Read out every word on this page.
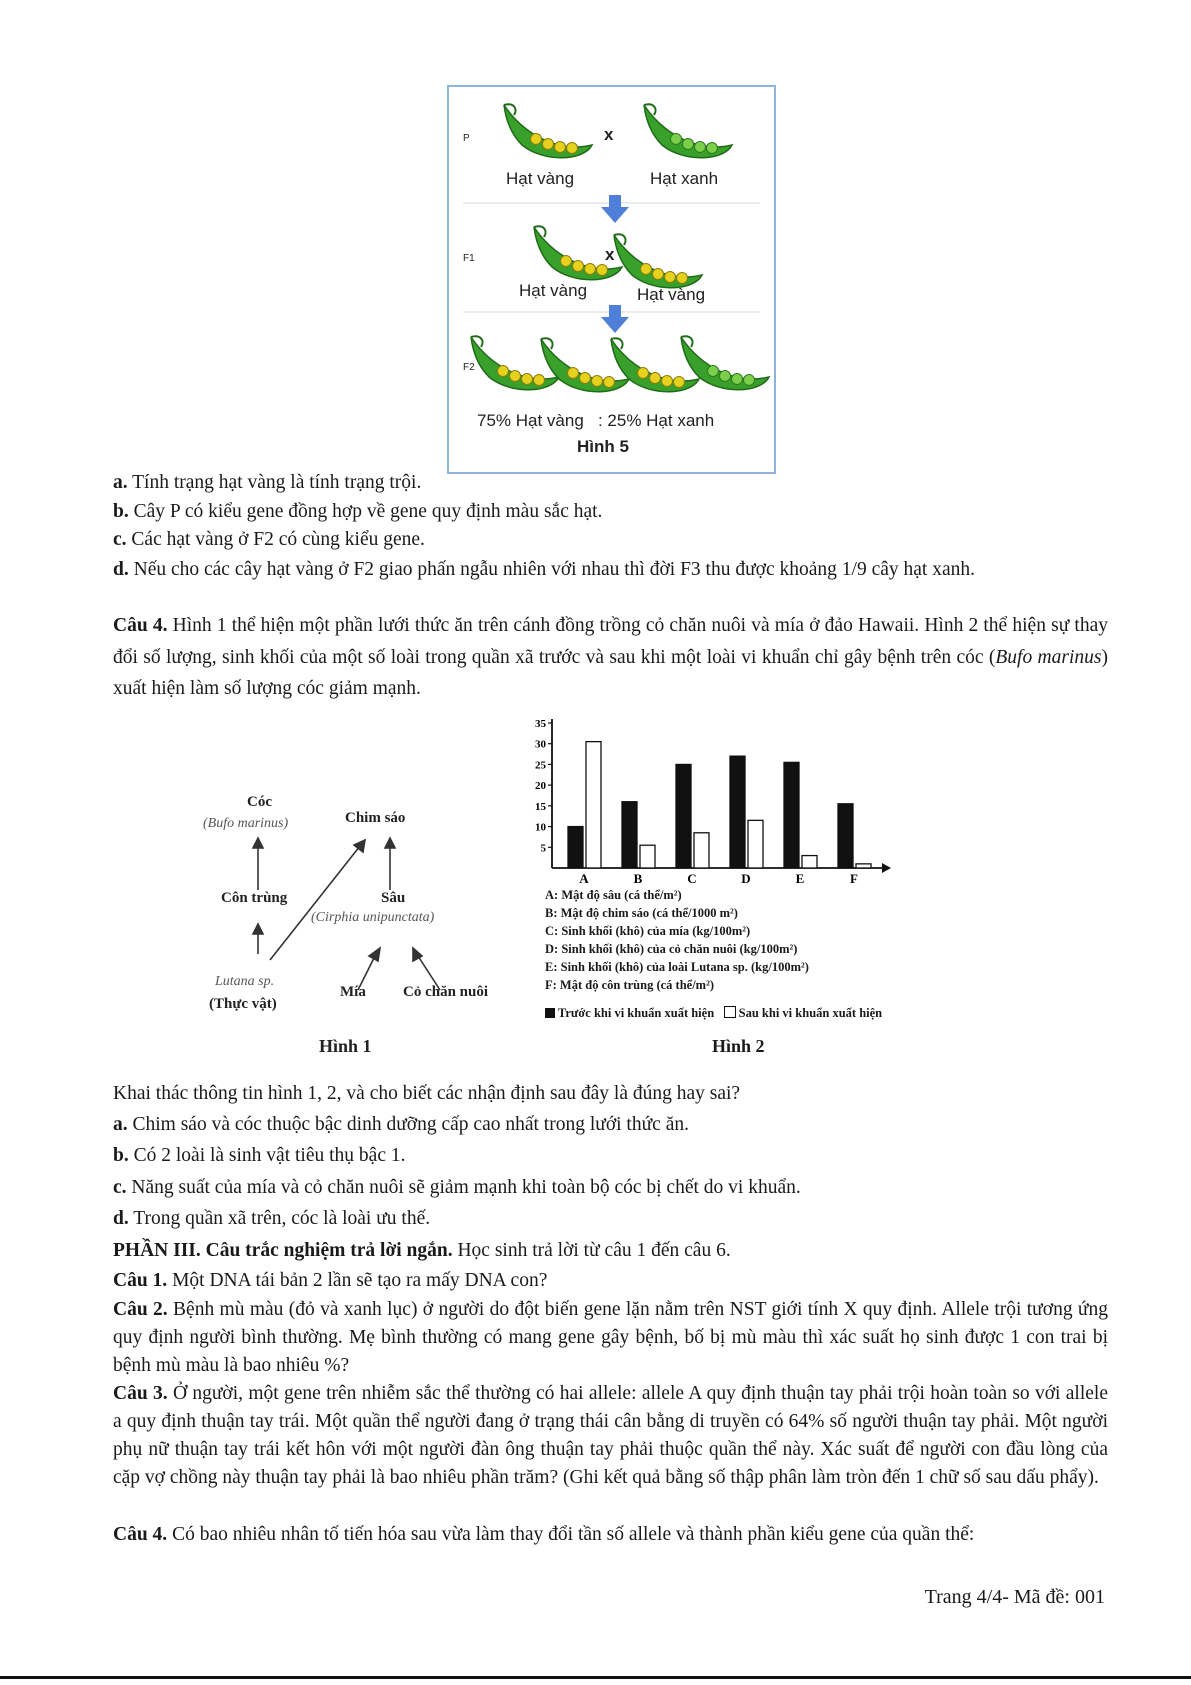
P
F1
F2
x
x
Hạt vàng	Hạt xanh
Hạt vàng	Hạt vàng
75% Hạt vàng   : 25% Hạt xanh
Hình 5
a. Tính trạng hạt vàng là tính trạng trội.
b. Cây P có kiểu gene đồng hợp về gene quy định màu sắc hạt.
c. Các hạt vàng ở F2 có cùng kiểu gene.
d. Nếu cho các cây hạt vàng ở F2 giao phấn ngẫu nhiên với nhau thì đời F3 thu được khoảng 1/9 cây hạt xanh.
Câu 4. Hình 1 thể hiện một phần lưới thức ăn trên cánh đồng trồng cỏ chăn nuôi và mía ở đảo Hawaii. Hình 2 thể hiện sự thay đổi số lượng, sinh khối của một số loài trong quần xã trước và sau khi một loài vi khuẩn chỉ gây bệnh trên cóc (Bufo marinus) xuất hiện làm số lượng cóc giảm mạnh.
Cóc
(Bufo marinus)	Chim sáo
Côn trùng	Sâu
(Cirphia unipunctata)
Lutana sp.
(Thực vật)
Mía Cỏ chăn nuôi
Hình 1
5
10
15
20
25
30
35
A	B	C	D	E	F
A: Mật độ sâu (cá thể/m²)
B: Mật độ chim sáo (cá thể/1000 m²)
C: Sinh khối (khô) của mía (kg/100m²)
D: Sinh khối (khô) của cỏ chăn nuôi (kg/100m²)
E: Sinh khối (khô) của loài Lutana sp. (kg/100m²)
F: Mật độ côn trùng (cá thể/m²)
Trước khi vi khuẩn xuất hiện Sau khi vi khuẩn xuất hiện
Hình 2
Khai thác thông tin hình 1, 2, và cho biết các nhận định sau đây là đúng hay sai?
a. Chim sáo và cóc thuộc bậc dinh dưỡng cấp cao nhất trong lưới thức ăn.
b. Có 2 loài là sinh vật tiêu thụ bậc 1.
c. Năng suất của mía và cỏ chăn nuôi sẽ giảm mạnh khi toàn bộ cóc bị chết do vi khuẩn.
d. Trong quần xã trên, cóc là loài ưu thế.
PHẦN III. Câu trắc nghiệm trả lời ngắn. Học sinh trả lời từ câu 1 đến câu 6.
Câu 1. Một DNA tái bản 2 lần sẽ tạo ra mấy DNA con?
Câu 2. Bệnh mù màu (đỏ và xanh lục) ở người do đột biến gene lặn nằm trên NST giới tính X quy định. Allele trội tương ứng quy định người bình thường. Mẹ bình thường có mang gene gây bệnh, bố bị mù màu thì xác suất họ sinh được 1 con trai bị bệnh mù màu là bao nhiêu %?
Câu 3. Ở người, một gene trên nhiễm sắc thể thường có hai allele: allele A quy định thuận tay phải trội hoàn toàn so với allele a quy định thuận tay trái. Một quần thể người đang ở trạng thái cân bằng di truyền có 64% số người thuận tay phải. Một người phụ nữ thuận tay trái kết hôn với một người đàn ông thuận tay phải thuộc quần thể này. Xác suất để người con đầu lòng của cặp vợ chồng này thuận tay phải là bao nhiêu phần trăm? (Ghi kết quả bằng số thập phân làm tròn đến 1 chữ số sau dấu phẩy).
Câu 4. Có bao nhiêu nhân tố tiến hóa sau vừa làm thay đổi tần số allele và thành phần kiểu gene của quần thể:
Trang 4/4- Mã đề: 001
